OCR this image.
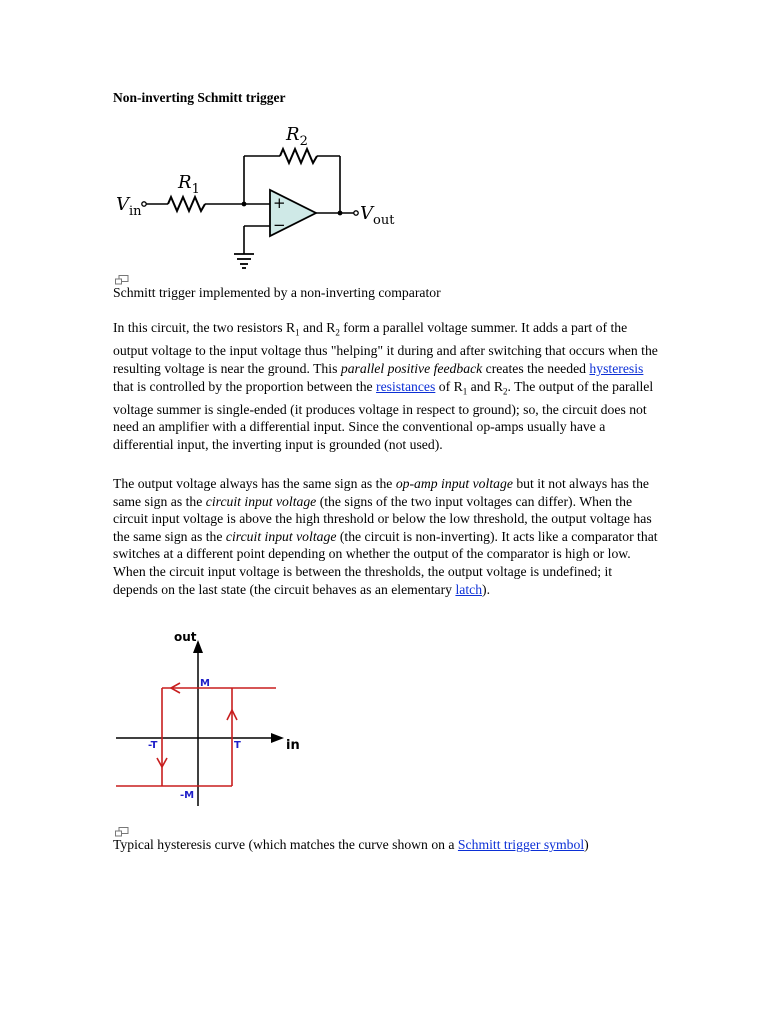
Non-inverting Schmitt trigger
$R_2$
$R_1$
$V_{in}$	$V_{out}$
+
−
Schmitt trigger implemented by a non-inverting comparator
In this circuit, the two resistors $R_1$ and $R_2$ form a parallel voltage summer. It adds a part of the output voltage to the input voltage thus "helping" it during and after switching that occurs when the resulting voltage is near the ground. This parallel positive feedback creates the needed hysteresis that is controlled by the proportion between the resistances of $R_1$ and $R_2$. The output of the parallel voltage summer is single-ended (it produces voltage in respect to ground); so, the circuit does not need an amplifier with a differential input. Since the conventional op-amps usually have a differential input, the inverting input is grounded (not used).
The output voltage always has the same sign as the op-amp input voltage but it not always has the same sign as the circuit input voltage (the signs of the two input voltages can differ). When the circuit input voltage is above the high threshold or below the low threshold, the output voltage has the same sign as the circuit input voltage (the circuit is non-inverting). It acts like a comparator that switches at a different point depending on whether the output of the comparator is high or low. When the circuit input voltage is between the thresholds, the output voltage is undefined; it depends on the last state (the circuit behaves as an elementary latch).
out
in
M
-M
T
-T
Typical hysteresis curve (which matches the curve shown on a Schmitt trigger symbol)
